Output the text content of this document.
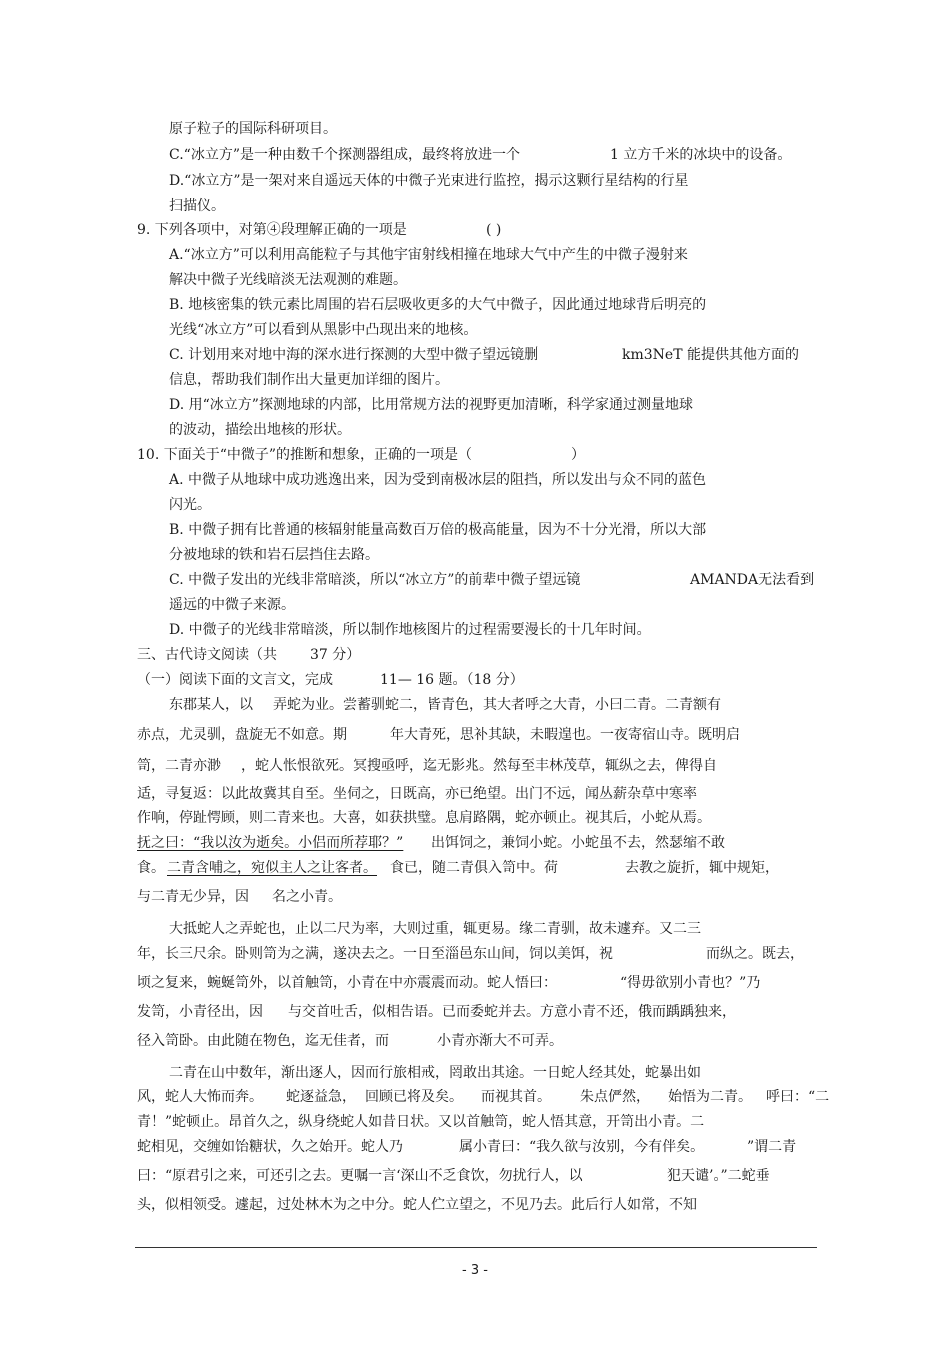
原子粒子的国际科研项目。
C.“冰立方”是一种由数千个探测器组成，最终将放进一个	1 立方千米的冰块中的设备。
D.“冰立方”是一架对来自遥远天体的中微子光束进行监控，揭示这颗行星结构的行星
扫描仪。
9. 下列各项中，对第④段理解正确的一项是	( )
A.“冰立方”可以利用高能粒子与其他宇宙射线相撞在地球大气中产生的中微子漫射来
解决中微子光线暗淡无法观测的难题。
B. 地核密集的铁元素比周围的岩石层吸收更多的大气中微子，因此通过地球背后明亮的
光线“冰立方”可以看到从黑影中凸现出来的地核。
C. 计划用来对地中海的深水进行探测的大型中微子望远镜删	km3NeT 能提供其他方面的
信息，帮助我们制作出大量更加详细的图片。
D. 用“冰立方”探测地球的内部，比用常规方法的视野更加清晰，科学家通过测量地球
的波动，描绘出地核的形状。
10. 下面关于“中微子”的推断和想象，正确的一项是（	）
A. 中微子从地球中成功逃逸出来，因为受到南极冰层的阻挡，所以发出与众不同的蓝色
闪光。
B. 中微子拥有比普通的核辐射能量高数百万倍的极高能量，因为不十分光滑，所以大部
分被地球的铁和岩石层挡住去路。
C. 中微子发出的光线非常暗淡，所以“冰立方”的前辈中微子望远镜	AMANDA无法看到
遥远的中微子来源。
D. 中微子的光线非常暗淡，所以制作地核图片的过程需要漫长的十几年时间。
三、古代诗文阅读（共 37 分）
（一）阅读下面的文言文，完成	11— 16 题。（18 分）
东郡某人，以 弄蛇为业。尝蓄驯蛇二，皆青色，其大者呼之大青，小曰二青。二青额有
赤点，尤灵驯，盘旋无不如意。期	年大青死，思补其缺，未暇遑也。一夜寄宿山寺。既明启
笥，二青亦渺 ，蛇人怅恨欲死。冥搜亟呼，迄无影兆。然每至丰林茂草，辄纵之去，俾得自
适，寻复返：以此故冀其自至。坐伺之，日既高，亦已绝望。出门不远，闻丛薪杂草中寒率
作响，停趾愕顾，则二青来也。大喜，如获拱璧。息肩路隅，蛇亦顿止。视其后，小蛇从焉。
抚之曰：“我以汝为逝矣。小侣而所荐耶？” 出饵饲之，兼饲小蛇。小蛇虽不去，然瑟缩不敢
食。 二青含哺之，宛似主人之让客者。 食已，随二青俱入笥中。荷	去教之旋折，辄中规矩，
与二青无少异，因 名之小青。
大抵蛇人之弄蛇也，止以二尺为率，大则过重，辄更易。缘二青驯，故未遽弃。又二三
年，长三尺余。卧则笥为之满，遂决去之。一日至淄邑东山间，饲以美饵，祝	而纵之。既去，
顷之复来，蜿蜒笥外，以首触笥，小青在中亦震震而动。蛇人悟曰：	“得毋欲别小青也？”乃
发笥，小青径出，因 与交首吐舌，似相告语。已而委蛇并去。方意小青不还，俄而踽踽独来，
径入笥卧。由此随在物色，迄无佳者，而	小青亦渐大不可弄。
二青在山中数年，渐出逐人，因而行旅相戒，罔敢出其途。一日蛇人经其处，蛇暴出如
风，蛇人大怖而奔。 蛇逐益急， 回顾已将及矣。 而视其首。 朱点俨然， 始悟为二青。 呼曰：“二
青！”蛇顿止。昂首久之，纵身绕蛇人如昔日状。又以首触笥，蛇人悟其意，开笥出小青。二
蛇相见，交缠如饴糖状，久之始开。蛇人乃	属小青曰：“我久欲与汝别，今有伴矣。	”谓二青
曰：“原君引之来，可还引之去。更嘱一言‘深山不乏食饮，勿扰行人，以	犯天谴’。”二蛇垂
头，似相领受。遽起，过处林木为之中分。蛇人伫立望之，不见乃去。此后行人如常，不知
- 3 -
